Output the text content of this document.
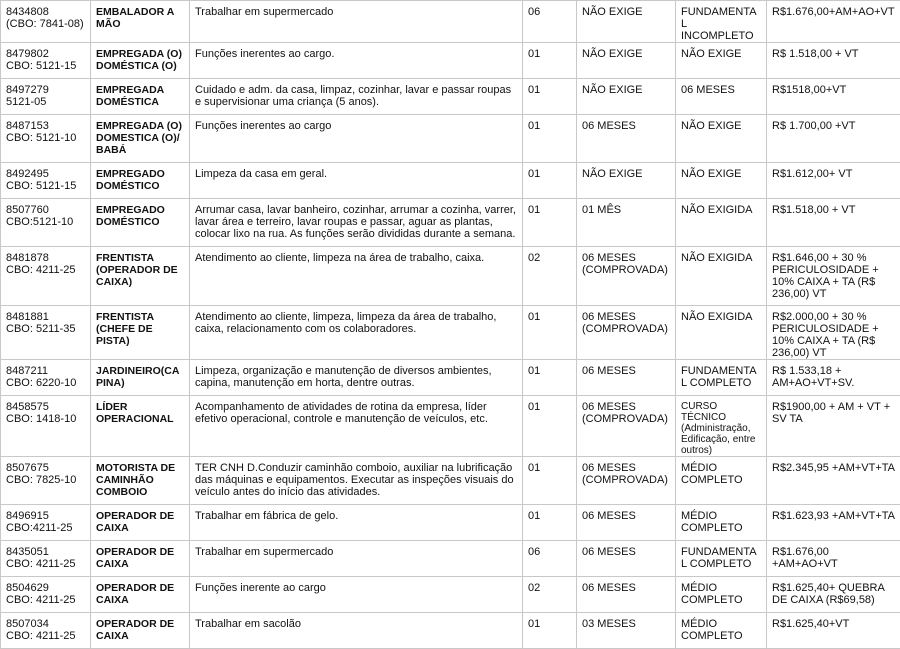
8434808
(CBO: 7841-08)	EMBALADOR A MÃO	Trabalhar em supermercado	06	NÃO EXIGE	FUNDAMENTAL INCOMPLETO	R$1.676,00+AM+AO+VT

8479802
CBO: 5121-15	EMPREGADA (O) DOMÉSTICA (O)	Funções inerentes ao cargo.	01	NÃO EXIGE	NÃO EXIGE	R$ 1.518,00 + VT

8497279
5121-05	EMPREGADA DOMÉSTICA	Cuidado e adm. da casa, limpaz, cozinhar, lavar e passar roupas e supervisionar uma criança (5 anos).	01	NÃO EXIGE	06 MESES	R$1518,00+VT

8487153
CBO: 5121-10	EMPREGADA (O) DOMESTICA (O)/ BABÁ	Funções inerentes ao cargo	01	06 MESES	NÃO EXIGE	R$ 1.700,00 +VT

8492495
CBO: 5121-15	EMPREGADO DOMÉSTICO	Limpeza da casa em geral.	01	NÃO EXIGE	NÃO EXIGE	R$1.612,00+ VT

8507760
CBO:5121-10	EMPREGADO DOMÉSTICO	Arrumar casa, lavar banheiro, cozinhar, arrumar a cozinha, varrer, lavar área e terreiro, lavar roupas e passar, aguar as plantas, colocar lixo na rua. As funções serão divididas durante a semana.	01	01 MÊS	NÃO EXIGIDA	R$1.518,00 + VT

8481878
CBO: 4211-25	FRENTISTA (OPERADOR DE CAIXA)	Atendimento ao cliente, limpeza na área de trabalho, caixa.	02	06 MESES (COMPROVADA)	NÃO EXIGIDA	R$1.646,00 + 30 % PERICULOSIDADE + 10% CAIXA + TA (R$ 236,00) VT

8481881
CBO: 5211-35	FRENTISTA (CHEFE DE PISTA)	Atendimento ao cliente, limpeza, limpeza da área de trabalho, caixa, relacionamento com os colaboradores.	01	06 MESES (COMPROVADA)	NÃO EXIGIDA	R$2.000,00 + 30 % PERICULOSIDADE + 10% CAIXA + TA (R$ 236,00) VT

8487211
CBO: 6220-10	JARDINEIRO(CAPINA)	Limpeza, organização e manutenção de diversos ambientes, capina, manutenção em horta, dentre outras.	01	06 MESES	FUNDAMENTAL COMPLETO	R$ 1.533,18 + AM+AO+VT+SV.

8458575
CBO: 1418-10	LÍDER OPERACIONAL	Acompanhamento de atividades de rotina da empresa, líder efetivo operacional, controle e manutenção de veículos, etc.	01	06 MESES (COMPROVADA)	CURSO TÉCNICO (Administração, Edificação, entre outros)	R$1900,00 + AM + VT + SV TA

8507675
CBO: 7825-10	MOTORISTA DE CAMINHÃO COMBOIO	TER CNH D.Conduzir caminhão comboio, auxiliar na lubrificação das máquinas e equipamentos. Executar as inspeções visuais do veículo antes do início das atividades.	01	06 MESES (COMPROVADA)	MÉDIO COMPLETO	R$2.345,95 +AM+VT+TA

8496915
CBO:4211-25	OPERADOR DE CAIXA	Trabalhar em fábrica de gelo.	01	06 MESES	MÉDIO COMPLETO	R$1.623,93 +AM+VT+TA

8435051
CBO: 4211-25	OPERADOR DE CAIXA	Trabalhar em supermercado	06	06 MESES	FUNDAMENTAL COMPLETO	R$1.676,00 +AM+AO+VT

8504629
CBO: 4211-25	OPERADOR DE CAIXA	Funções inerente ao cargo	02	06 MESES	MÉDIO COMPLETO	R$1.625,40+ QUEBRA DE CAIXA (R$69,58)

8507034
CBO: 4211-25	OPERADOR DE CAIXA	Trabalhar em sacolão	01	03 MESES	MÉDIO COMPLETO	R$1.625,40+VT
